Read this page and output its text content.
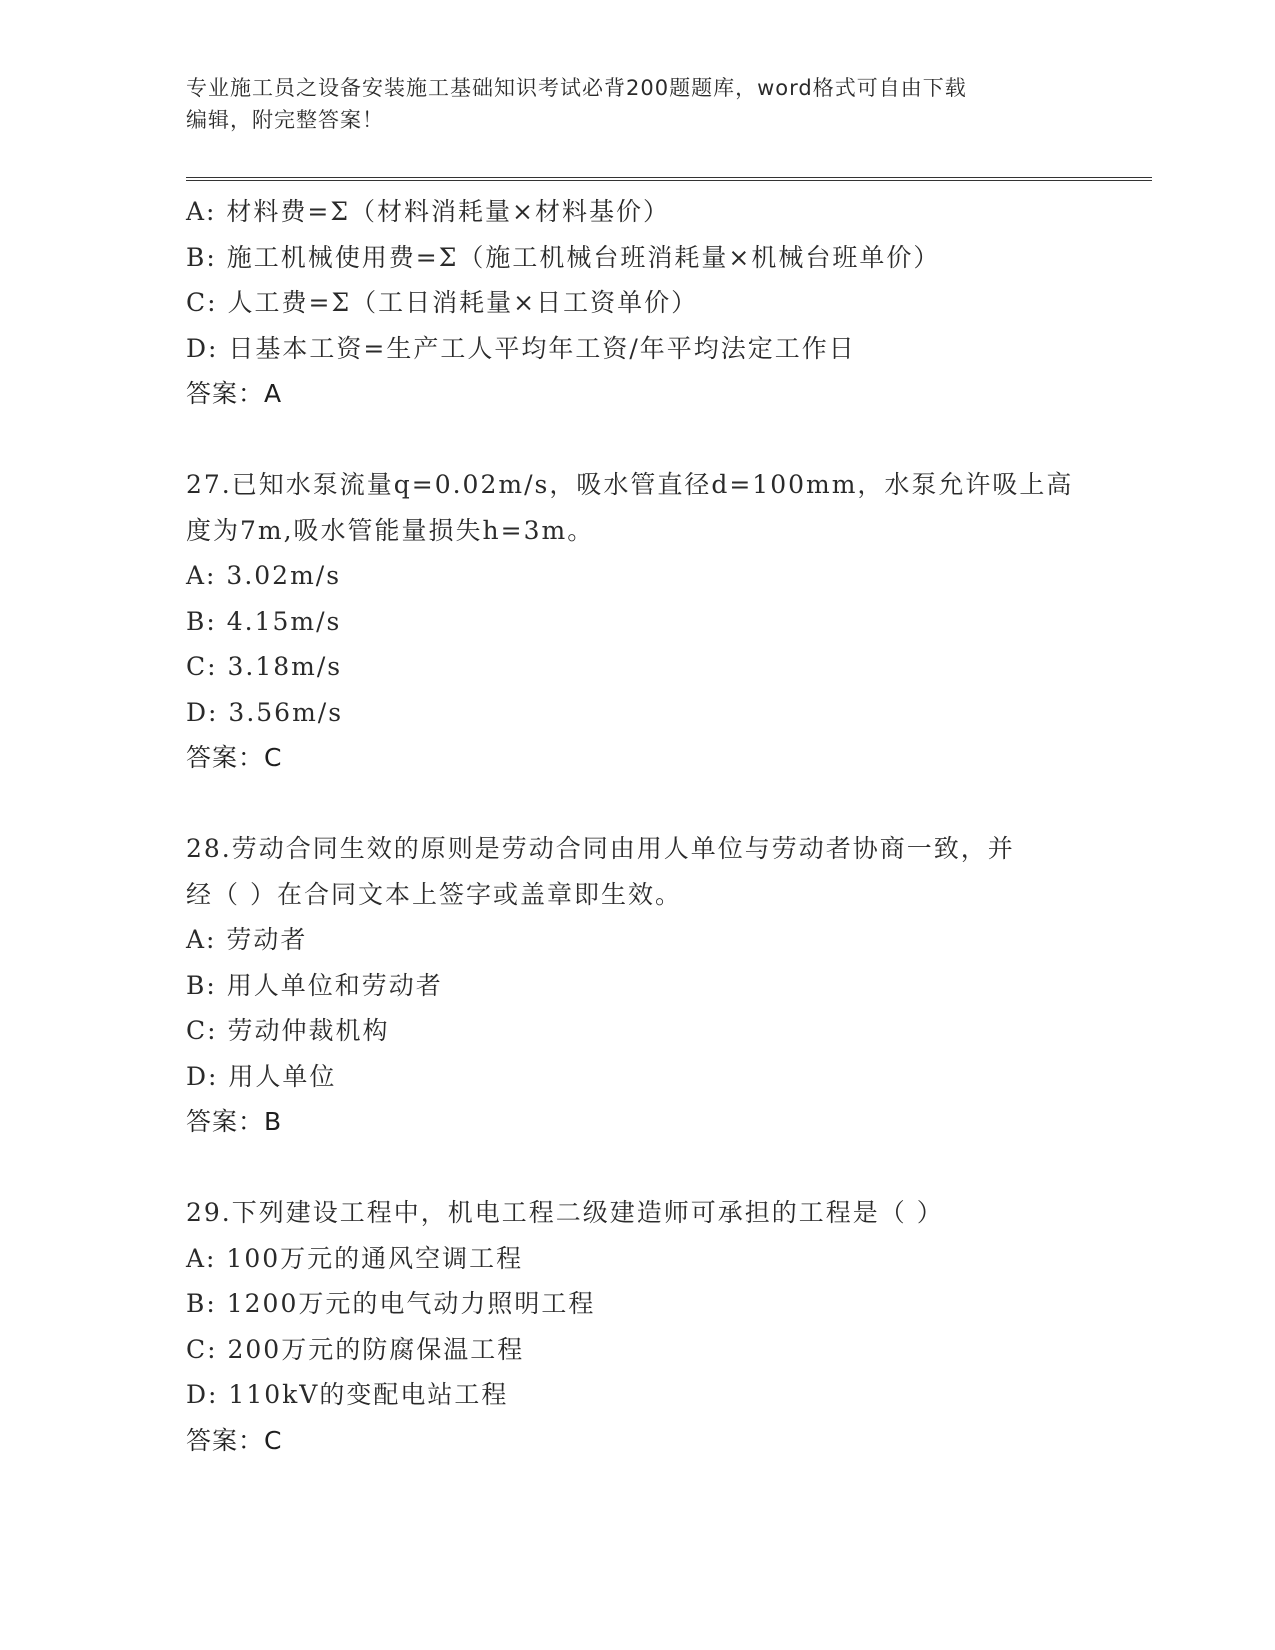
专业施工员之设备安装施工基础知识考试必背200题题库，word格式可自由下载
编辑，附完整答案！
A: 材料费=Σ（材料消耗量×材料基价）
B: 施工机械使用费=Σ（施工机械台班消耗量×机械台班单价）
C: 人工费=Σ（工日消耗量×日工资单价）
D: 日基本工资=生产工人平均年工资/年平均法定工作日
答案：A
27.已知水泵流量q=0.02m/s，吸水管直径d=100mm，水泵允许吸上高
度为7m,吸水管能量损失h=3m。
A: 3.02m/s
B: 4.15m/s
C: 3.18m/s
D: 3.56m/s
答案：C
28.劳动合同生效的原则是劳动合同由用人单位与劳动者协商一致，并
经（ ）在合同文本上签字或盖章即生效。
A: 劳动者
B: 用人单位和劳动者
C: 劳动仲裁机构
D: 用人单位
答案：B
29.下列建设工程中，机电工程二级建造师可承担的工程是（ ）
A: 100万元的通风空调工程
B: 1200万元的电气动力照明工程
C: 200万元的防腐保温工程
D: 110kV的变配电站工程
答案：C
